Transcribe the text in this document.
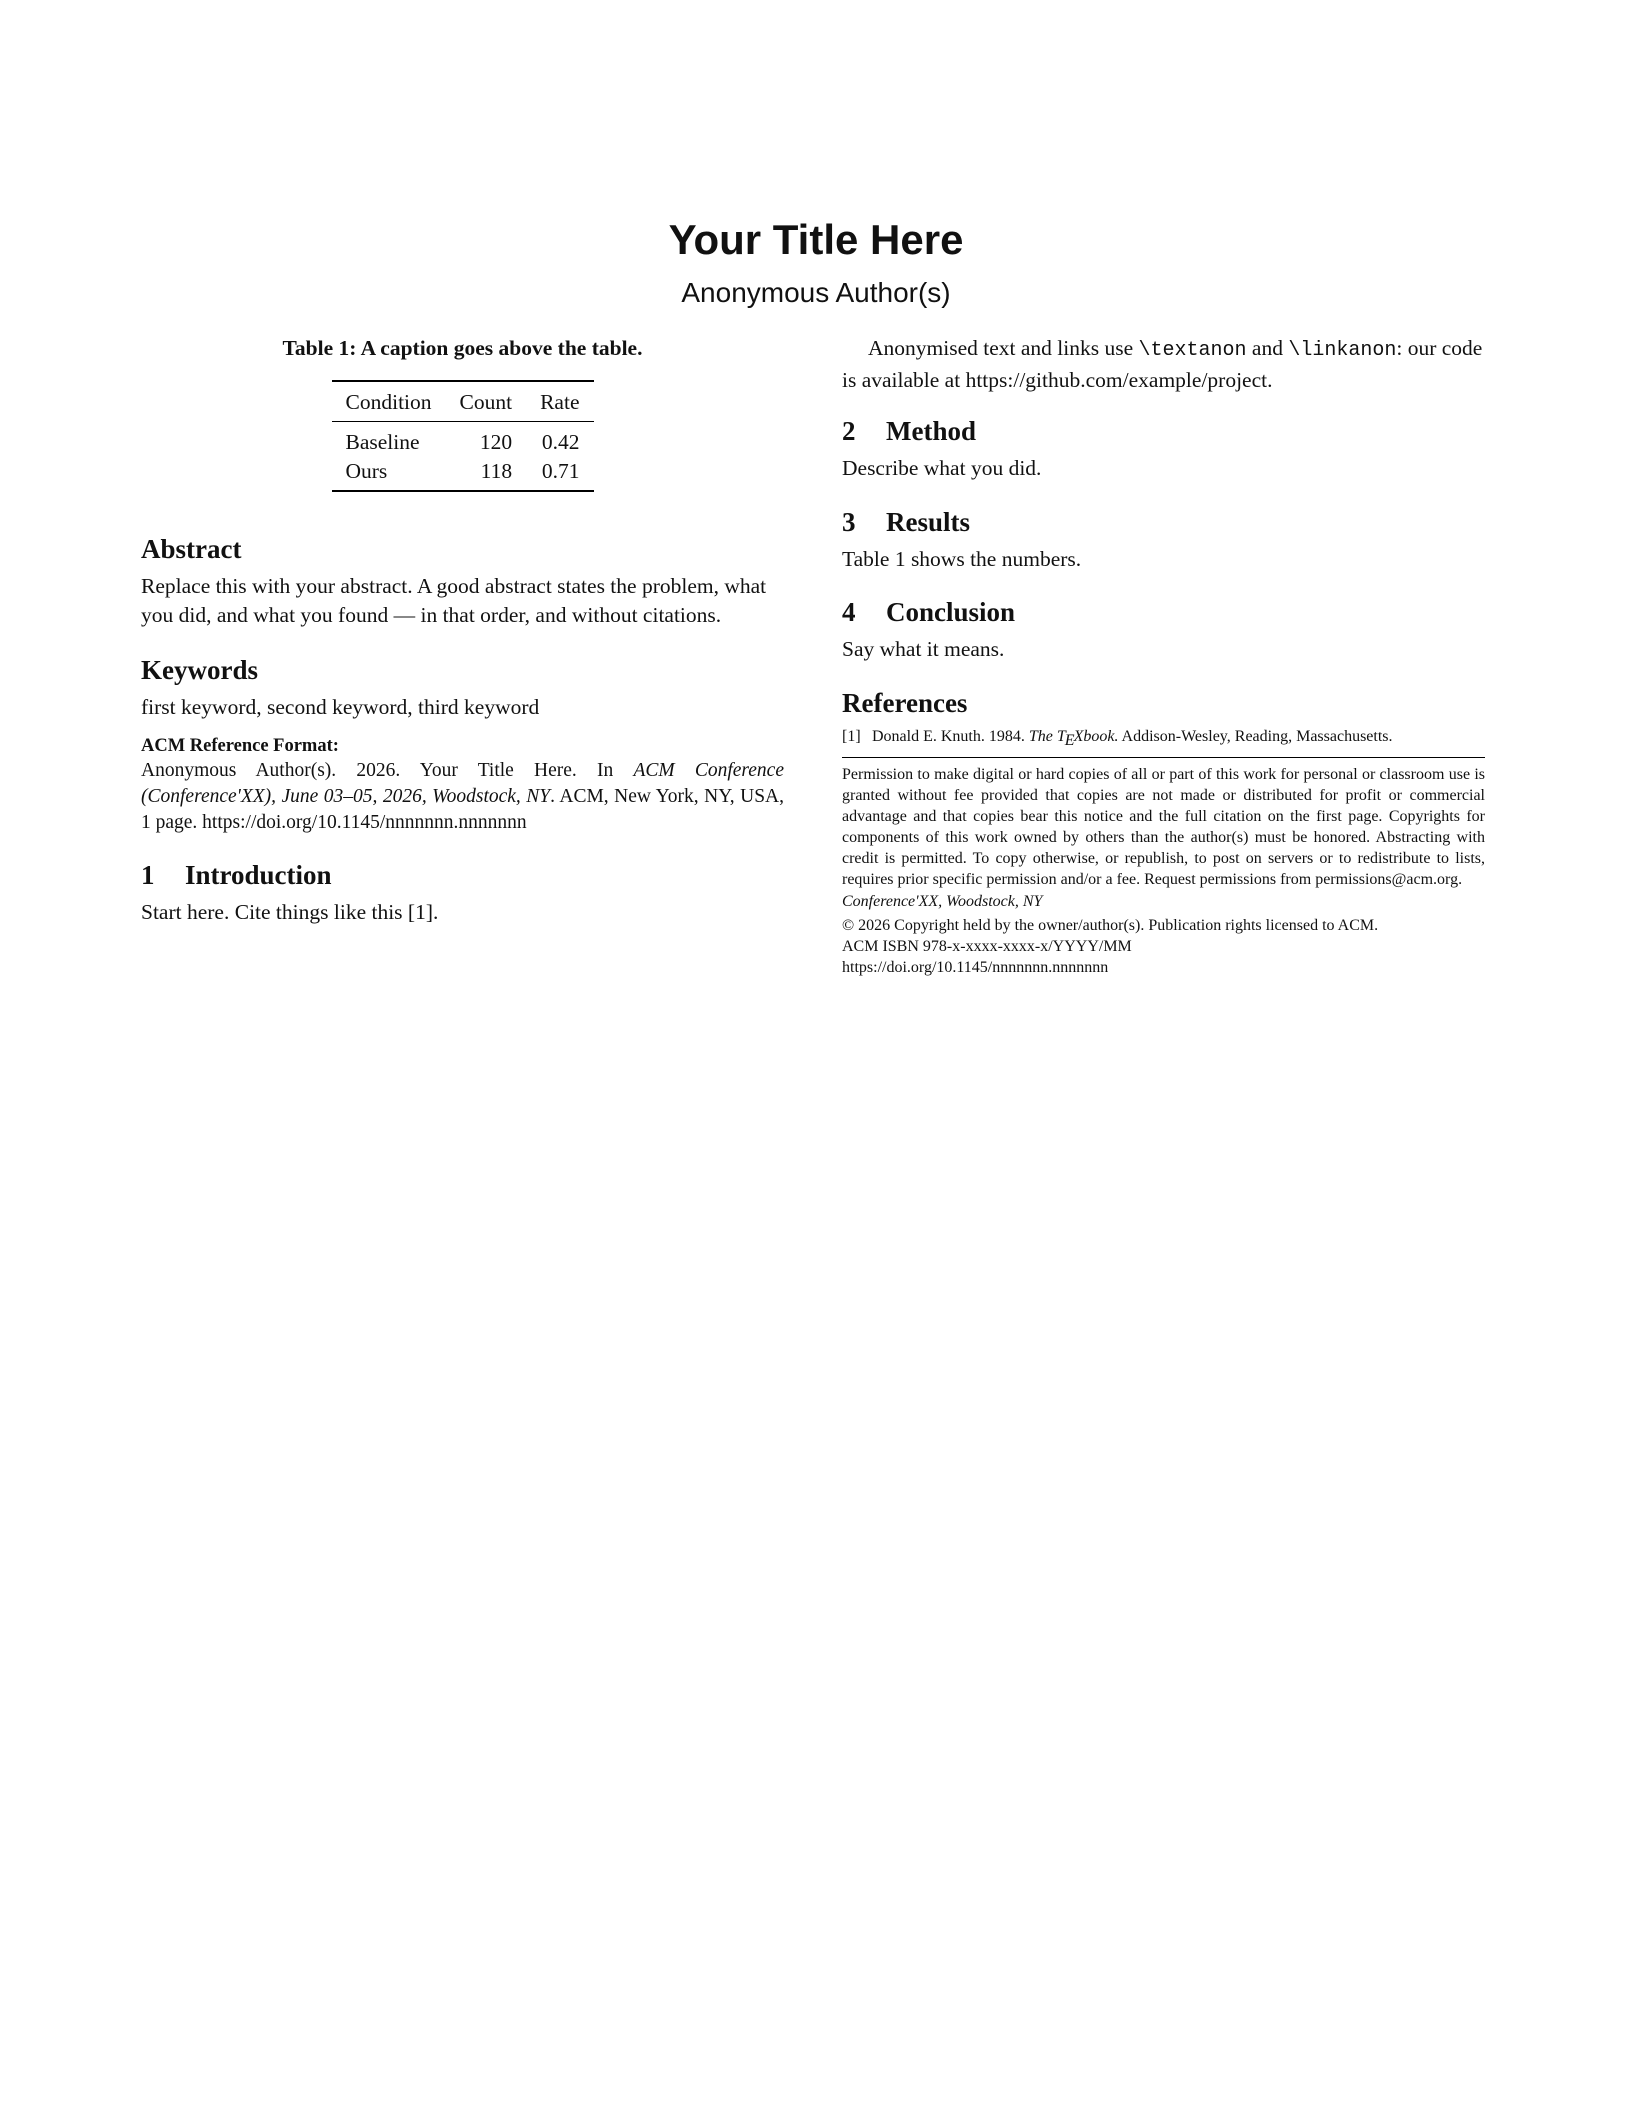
Your Title Here
Anonymous Author(s)

Table 1: A caption goes above the table.

Condition	Count	Rate
Baseline	120	0.42
Ours	118	0.71
Abstract

Replace this with your abstract. A good abstract states the problem, what you did, and what you found — in that order, and without citations.

Keywords

first keyword, second keyword, third keyword

ACM Reference Format:

Anonymous Author(s). 2026. Your Title Here. In ACM Conference (Conference'XX), June 03–05, 2026, Woodstock, NY. ACM, New York, NY, USA, 1 page. https://doi.org/10.1145/nnnnnnn.nnnnnnn

1 Introduction

Start here. Cite things like this [1].

Anonymised text and links use \textanon and \linkanon: our code is available at https://github.com/example/project.

2 Method

Describe what you did.

3 Results

Table 1 shows the numbers.

4 Conclusion

Say what it means.

References
[1] Donald E. Knuth. 1984. The TEXbook. Addison-Wesley, Reading, Massachusetts.

Permission to make digital or hard copies of all or part of this work for personal or classroom use is granted without fee provided that copies are not made or distributed for profit or commercial advantage and that copies bear this notice and the full citation on the first page. Copyrights for components of this work owned by others than the author(s) must be honored. Abstracting with credit is permitted. To copy otherwise, or republish, to post on servers or to redistribute to lists, requires prior specific permission and/or a fee. Request permissions from permissions@acm.org.

Conference'XX, Woodstock, NY

© 2026 Copyright held by the owner/author(s). Publication rights licensed to ACM.

ACM ISBN 978-x-xxxx-xxxx-x/YYYY/MM

https://doi.org/10.1145/nnnnnnn.nnnnnnn
